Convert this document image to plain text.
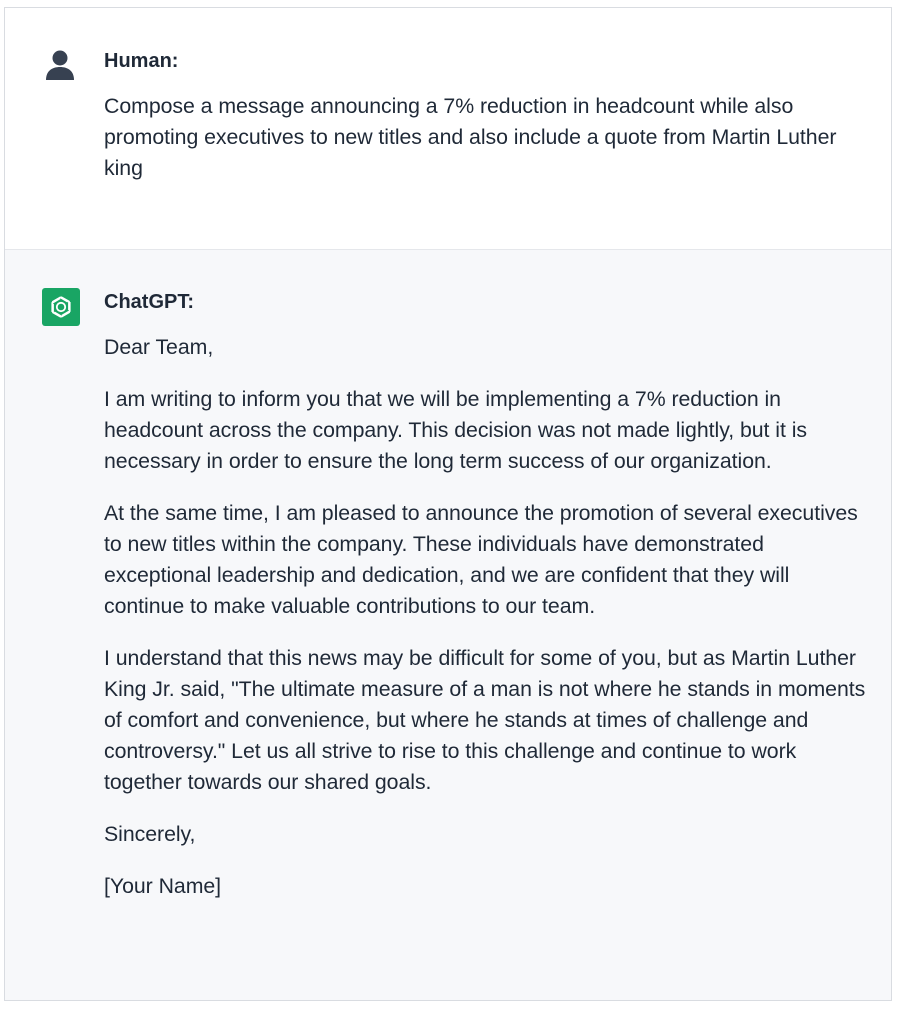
Human:

Compose a message announcing a 7% reduction in headcount while also promoting executives to new titles and also include a quote from Martin Luther king

ChatGPT:

Dear Team,

I am writing to inform you that we will be implementing a 7% reduction in headcount across the company. This decision was not made lightly, but it is necessary in order to ensure the long term success of our organization.

At the same time, I am pleased to announce the promotion of several executives to new titles within the company. These individuals have demonstrated exceptional leadership and dedication, and we are confident that they will continue to make valuable contributions to our team.

I understand that this news may be difficult for some of you, but as Martin Luther King Jr. said, "The ultimate measure of a man is not where he stands in moments of comfort and convenience, but where he stands at times of challenge and controversy." Let us all strive to rise to this challenge and continue to work together towards our shared goals.

Sincerely,

[Your Name]
